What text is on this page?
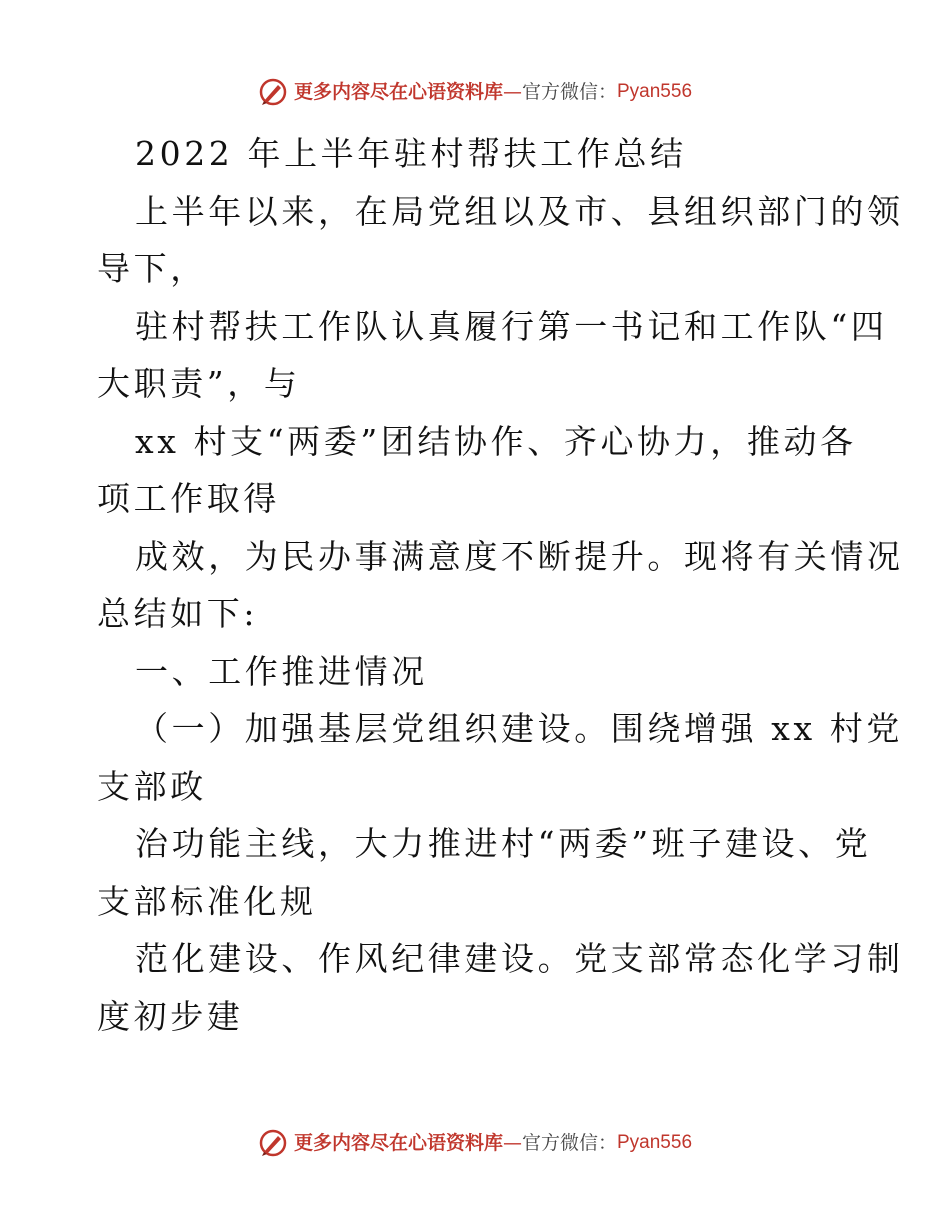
更多内容尽在心语资料库 — 官方微信： Pyan556
2022 年上半年驻村帮扶工作总结
上半年以来，在局党组以及市、县组织部门的领
导下，
驻村帮扶工作队认真履行第一书记和工作队“四
大职责”，与
xx 村支“两委”团结协作、齐心协力，推动各
项工作取得
成效，为民办事满意度不断提升。现将有关情况
总结如下:
一、工作推进情况
（一）加强基层党组织建设。围绕增强 xx 村党
支部政
治功能主线，大力推进村“两委”班子建设、党
支部标准化规
范化建设、作风纪律建设。党支部常态化学习制
度初步建
更多内容尽在心语资料库 — 官方微信： Pyan556
